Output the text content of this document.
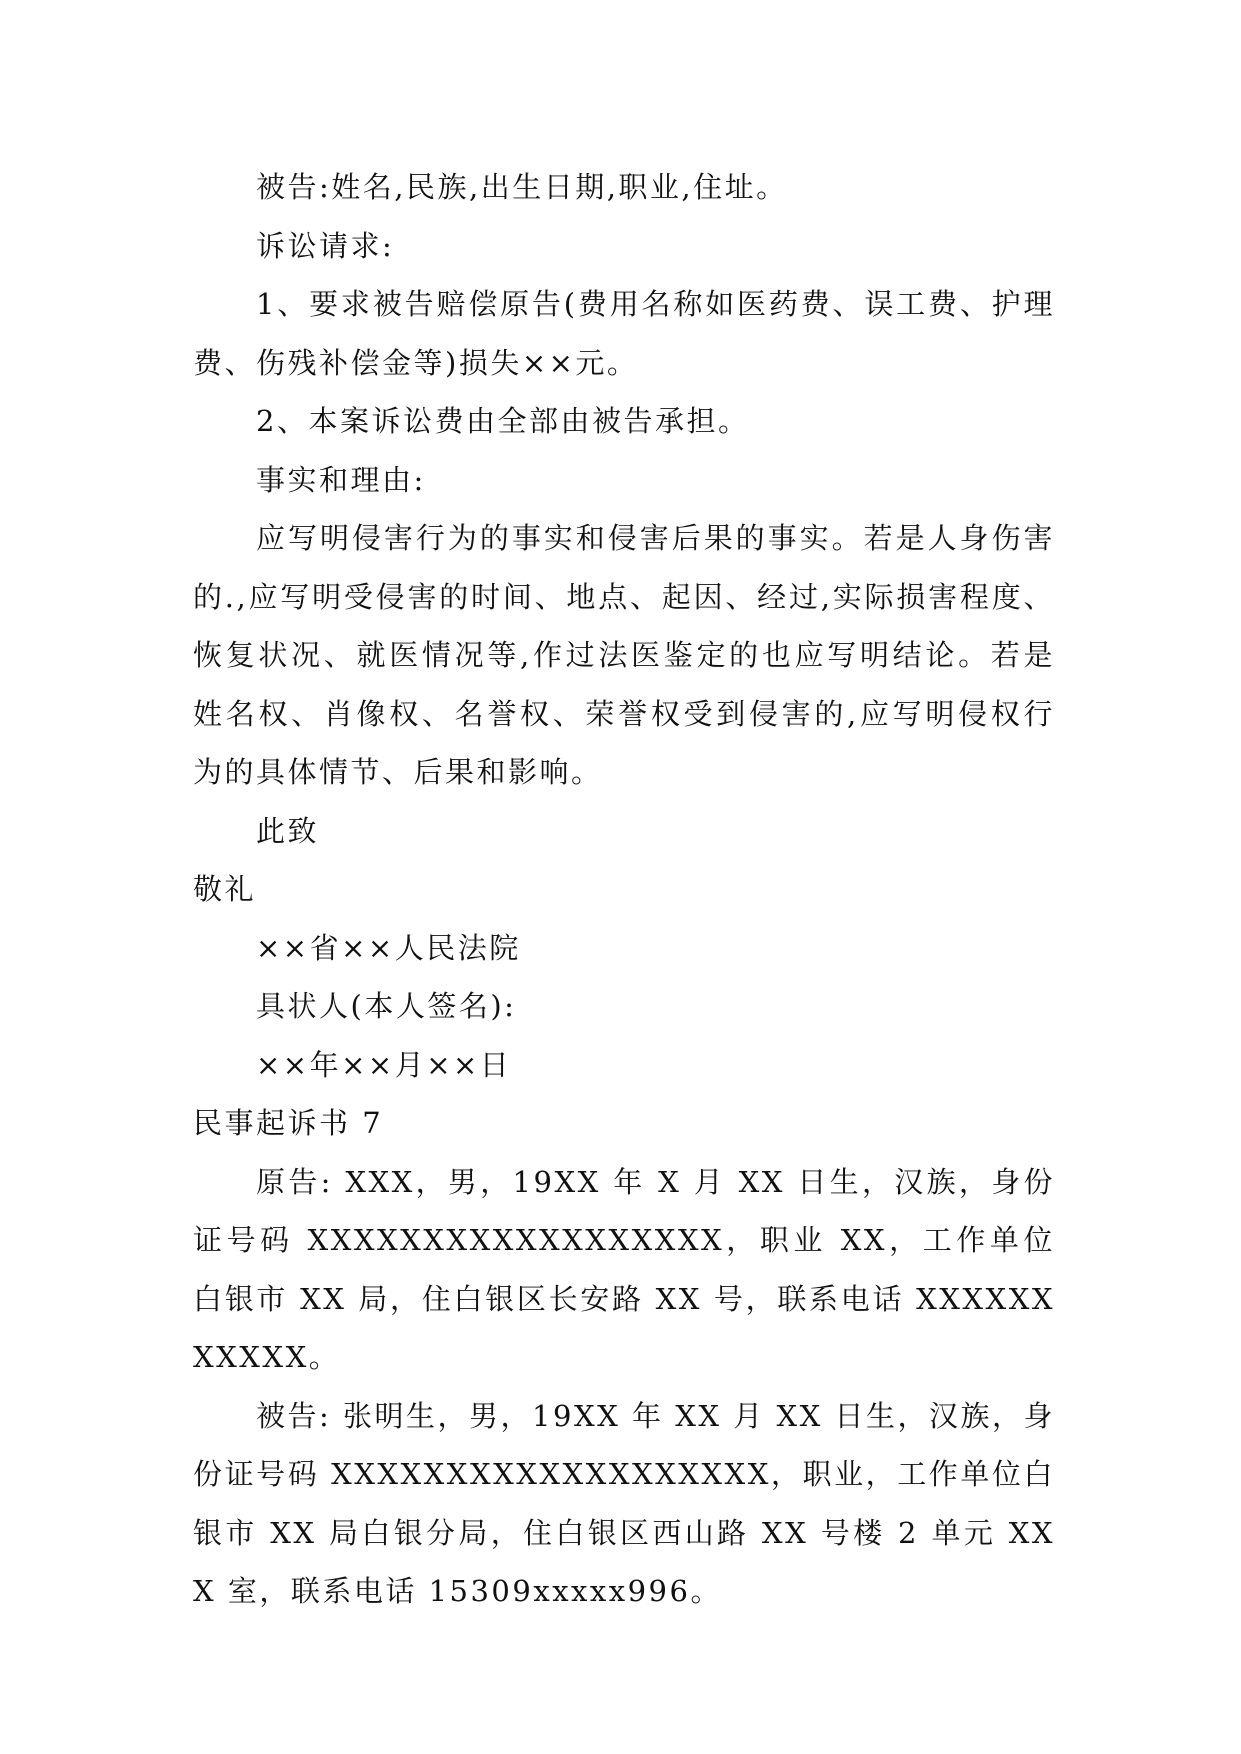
被告:姓名,民族,出生日期,职业,住址。

诉讼请求:

1、要求被告赔偿原告(费用名称如医药费、误工费、护理费、伤残补偿金等)损失××元。

2、本案诉讼费由全部由被告承担。

事实和理由:

应写明侵害行为的事实和侵害后果的事实。若是人身伤害的.,应写明受侵害的时间、地点、起因、经过,实际损害程度、恢复状况、就医情况等,作过法医鉴定的也应写明结论。若是姓名权、肖像权、名誉权、荣誉权受到侵害的,应写明侵权行为的具体情节、后果和影响。

此致

敬礼

××省××人民法院

具状人(本人签名):

××年××月××日

民事起诉书 7

原告: XXX，男，19XX 年 X 月 XX 日生，汉族，身份证号码 XXXXXXXXXXXXXXXXXX，职业 XX，工作单位白银市 XX 局，住白银区长安路 XX 号，联系电话 XXXXXXXXXXX。

被告: 张明生，男，19XX 年 XX 月 XX 日生，汉族，身份证号码 XXXXXXXXXXXXXXXXXXX，职业，工作单位白银市 XX 局白银分局，住白银区西山路 XX 号楼 2 单元 XXX 室，联系电话 15309xxxxx996。
